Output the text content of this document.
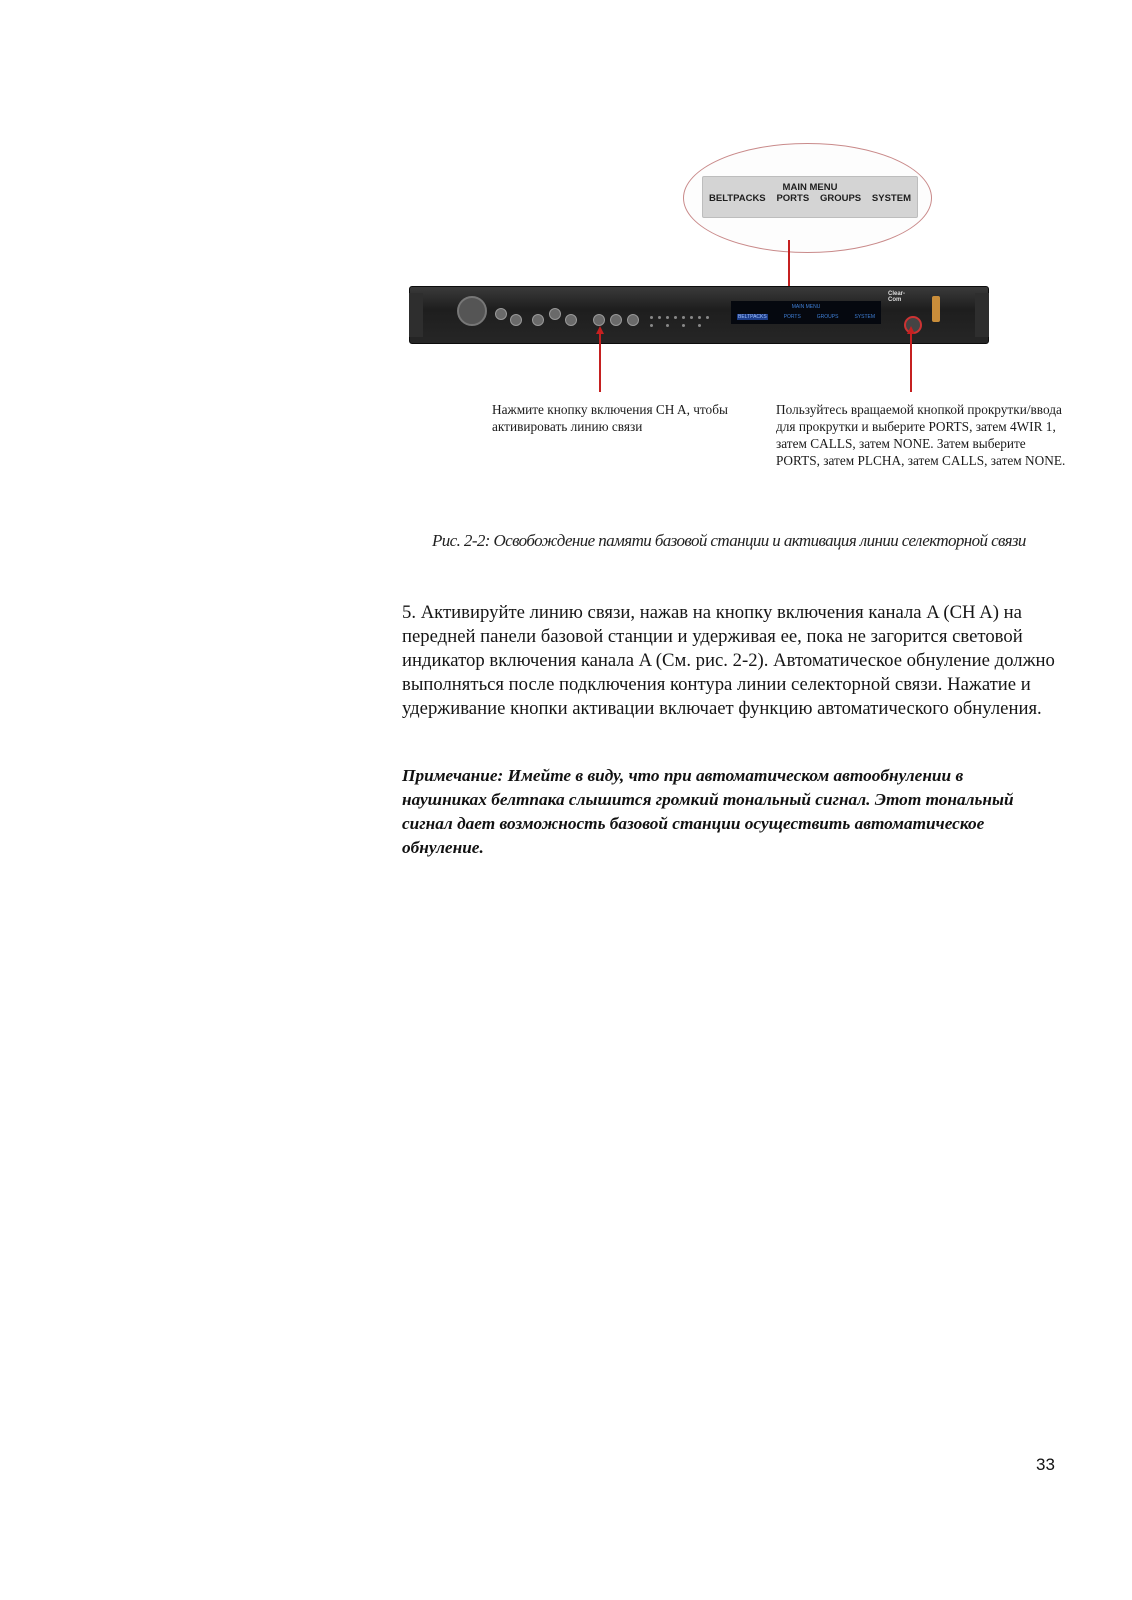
MAIN MENU
BELTPACKS PORTS GROUPS SYSTEM
MAIN MENU
BELTPACKS	PORTS	GROUPS	SYSTEM
Clear-Com
Нажмите кнопку включения CH A, чтобы активировать линию связи
Пользуйтесь вращаемой кнопкой прокрутки/ввода для прокрутки и выберите PORTS, затем 4WIR 1, затем CALLS, затем NONE. Затем выберите PORTS, затем PLCHA, затем CALLS, затем NONE.
Рис. 2-2: Освобождение памяти базовой станции и активация линии селекторной связи
5. Активируйте линию связи, нажав на кнопку включения канала A (CH A) на передней панели базовой станции и удерживая ее, пока не загорится световой индикатор включения канала A (См. рис. 2-2). Автоматическое обнуление должно выполняться после подключения контура линии селекторной связи. Нажатие и удерживание кнопки активации включает функцию автоматического обнуления.
Примечание: Имейте в виду, что при автоматическом автообнулении в наушниках белтпака слышится громкий тональный сигнал. Этот тональный сигнал дает возможность базовой станции осуществить автоматическое обнуление.
33
